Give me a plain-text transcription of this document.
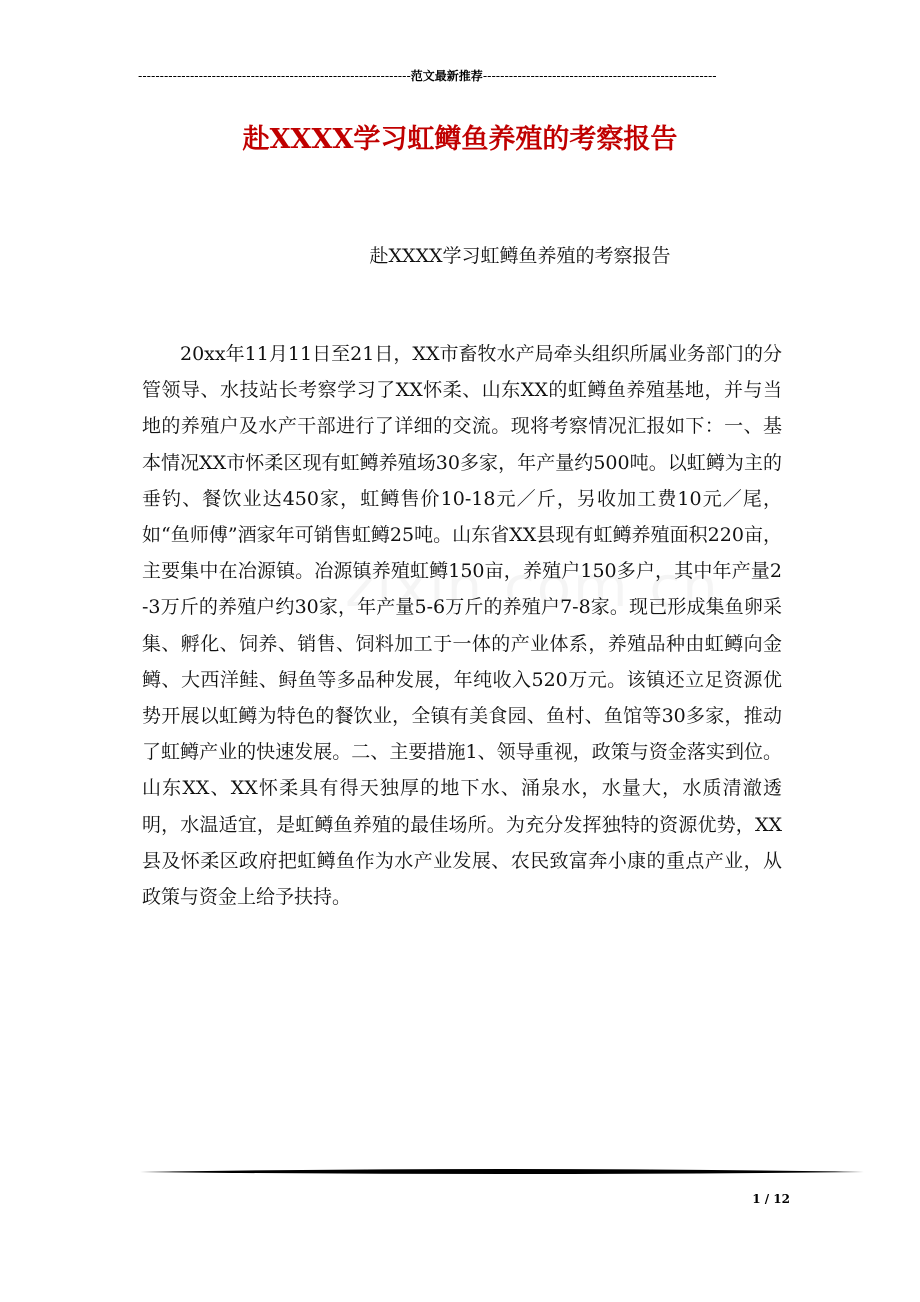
---------------------------------------------------------------范文最新推荐------------------------------------------------------
赴XXXX学习虹鳟鱼养殖的考察报告

赴XXXX学习虹鳟鱼养殖的考察报告

20xx年11月11日至21日，XX市畜牧水产局牵头组织所属业务部门的分管领导、水技站长考察学习了XX怀柔、山东XX的虹鳟鱼养殖基地，并与当地的养殖户及水产干部进行了详细的交流。现将考察情况汇报如下：一、基本情况XX市怀柔区现有虹鳟养殖场30多家，年产量约500吨。以虹鳟为主的垂钓、餐饮业达450家，虹鳟售价10-18元／斤，另收加工费10元／尾，如“鱼师傅”酒家年可销售虹鳟25吨。山东省XX县现有虹鳟养殖面积220亩，主要集中在冶源镇。冶源镇养殖虹鳟150亩，养殖户150多户，其中年产量2-3万斤的养殖户约30家，年产量5-6万斤的养殖户7-8家。现已形成集鱼卵采集、孵化、饲养、销售、饲料加工于一体的产业体系，养殖品种由虹鳟向金鳟、大西洋鲑、鲟鱼等多品种发展，年纯收入520万元。该镇还立足资源优势开展以虹鳟为特色的餐饮业，全镇有美食园、鱼村、鱼馆等30多家，推动了虹鳟产业的快速发展。二、主要措施1、领导重视，政策与资金落实到位。山东XX、XX怀柔具有得天独厚的地下水、涌泉水，水量大，水质清澈透明，水温适宜，是虹鳟鱼养殖的最佳场所。为充分发挥独特的资源优势，XX县及怀柔区政府把虹鳟鱼作为水产业发展、农民致富奔小康的重点产业，从政策与资金上给予扶持。

1 / 12
